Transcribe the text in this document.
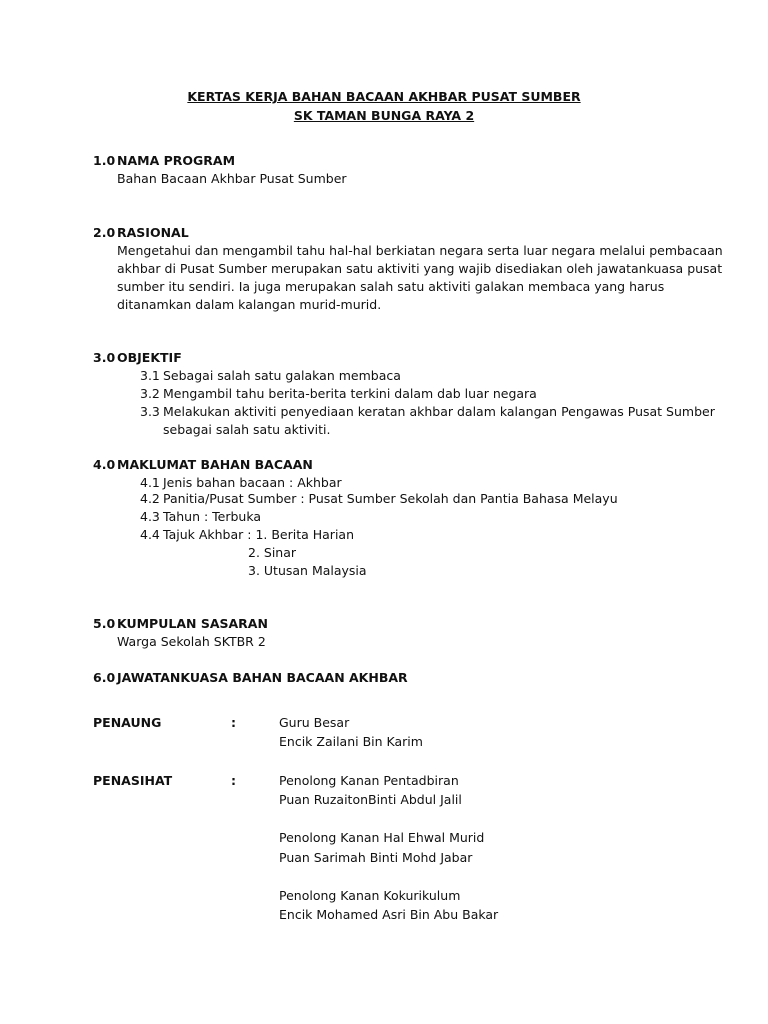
KERTAS KERJA BAHAN BACAAN AKHBAR PUSAT SUMBER
SK TAMAN BUNGA RAYA 2
1.0 NAMA PROGRAM
Bahan Bacaan Akhbar Pusat Sumber
2.0 RASIONAL
Mengetahui dan mengambil tahu hal-hal berkiatan negara serta luar negara melalui pembacaan
akhbar di Pusat Sumber merupakan satu aktiviti yang wajib disediakan oleh jawatankuasa pusat
sumber itu sendiri. Ia juga merupakan salah satu aktiviti galakan membaca yang harus
ditanamkan dalam kalangan murid-murid.
3.0 OBJEKTIF
3.1 Sebagai salah satu galakan membaca
3.2 Mengambil tahu berita-berita terkini dalam dab luar negara
3.3 Melakukan aktiviti penyediaan keratan akhbar dalam kalangan Pengawas Pusat Sumber
sebagai salah satu aktiviti.
4.0 MAKLUMAT BAHAN BACAAN
4.1 Jenis bahan bacaan : Akhbar
4.2 Panitia/Pusat Sumber : Pusat Sumber Sekolah dan Pantia Bahasa Melayu
4.3 Tahun : Terbuka
4.4 Tajuk Akhbar : 1. Berita Harian
2. Sinar
3. Utusan Malaysia
5.0 KUMPULAN SASARAN
Warga Sekolah SKTBR 2
6.0 JAWATANKUASA BAHAN BACAAN AKHBAR
PENAUNG	:	Guru Besar
Encik Zailani Bin Karim
PENASIHAT	:	Penolong Kanan Pentadbiran
Puan RuzaitonBinti Abdul Jalil
Penolong Kanan Hal Ehwal Murid
Puan Sarimah Binti Mohd Jabar
Penolong Kanan Kokurikulum
Encik Mohamed Asri Bin Abu Bakar
